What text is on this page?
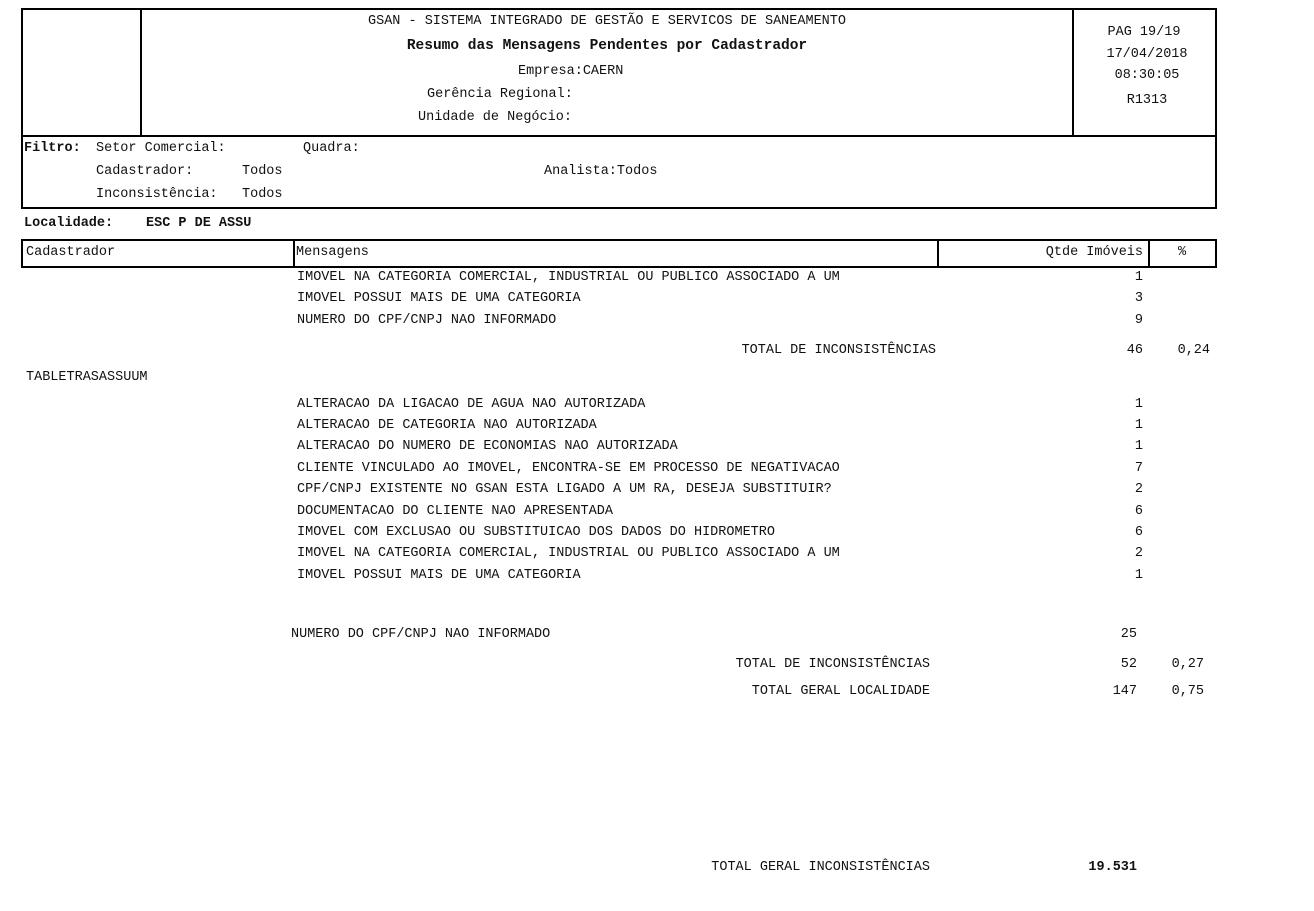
GSAN - SISTEMA INTEGRADO DE GESTÃO E SERVICOS DE SANEAMENTO
Resumo das Mensagens Pendentes por Cadastrador
Empresa:CAERN
Gerência Regional:
Unidade de Negócio:
PAG 19/19
17/04/2018
08:30:05
R1313
Filtro: Setor Comercial:	Quadra:
Cadastrador:	Todos	Analista:Todos
Inconsistência: Todos
Localidade: ESC P DE ASSU
Cadastrador	Mensagens	Qtde Imóveis	%
IMOVEL NA CATEGORIA COMERCIAL, INDUSTRIAL OU PUBLICO ASSOCIADO A UM	1
IMOVEL POSSUI MAIS DE UMA CATEGORIA	3
NUMERO DO CPF/CNPJ NAO INFORMADO	9
TOTAL DE INCONSISTÊNCIAS	46	0,24
TABLETRASASSUUM
ALTERACAO DA LIGACAO DE AGUA NAO AUTORIZADA	1
ALTERACAO DE CATEGORIA NAO AUTORIZADA	1
ALTERACAO DO NUMERO DE ECONOMIAS NAO AUTORIZADA	1
CLIENTE VINCULADO AO IMOVEL, ENCONTRA-SE EM PROCESSO DE NEGATIVACAO	7
CPF/CNPJ EXISTENTE NO GSAN ESTA LIGADO A UM RA, DESEJA SUBSTITUIR?	2
DOCUMENTACAO DO CLIENTE NAO APRESENTADA	6
IMOVEL COM EXCLUSAO OU SUBSTITUICAO DOS DADOS DO HIDROMETRO	6
IMOVEL NA CATEGORIA COMERCIAL, INDUSTRIAL OU PUBLICO ASSOCIADO A UM	2
IMOVEL POSSUI MAIS DE UMA CATEGORIA	1
NUMERO DO CPF/CNPJ NAO INFORMADO	25
TOTAL DE INCONSISTÊNCIAS	52	0,27
TOTAL GERAL LOCALIDADE	147	0,75
TOTAL GERAL INCONSISTÊNCIAS	19.531
